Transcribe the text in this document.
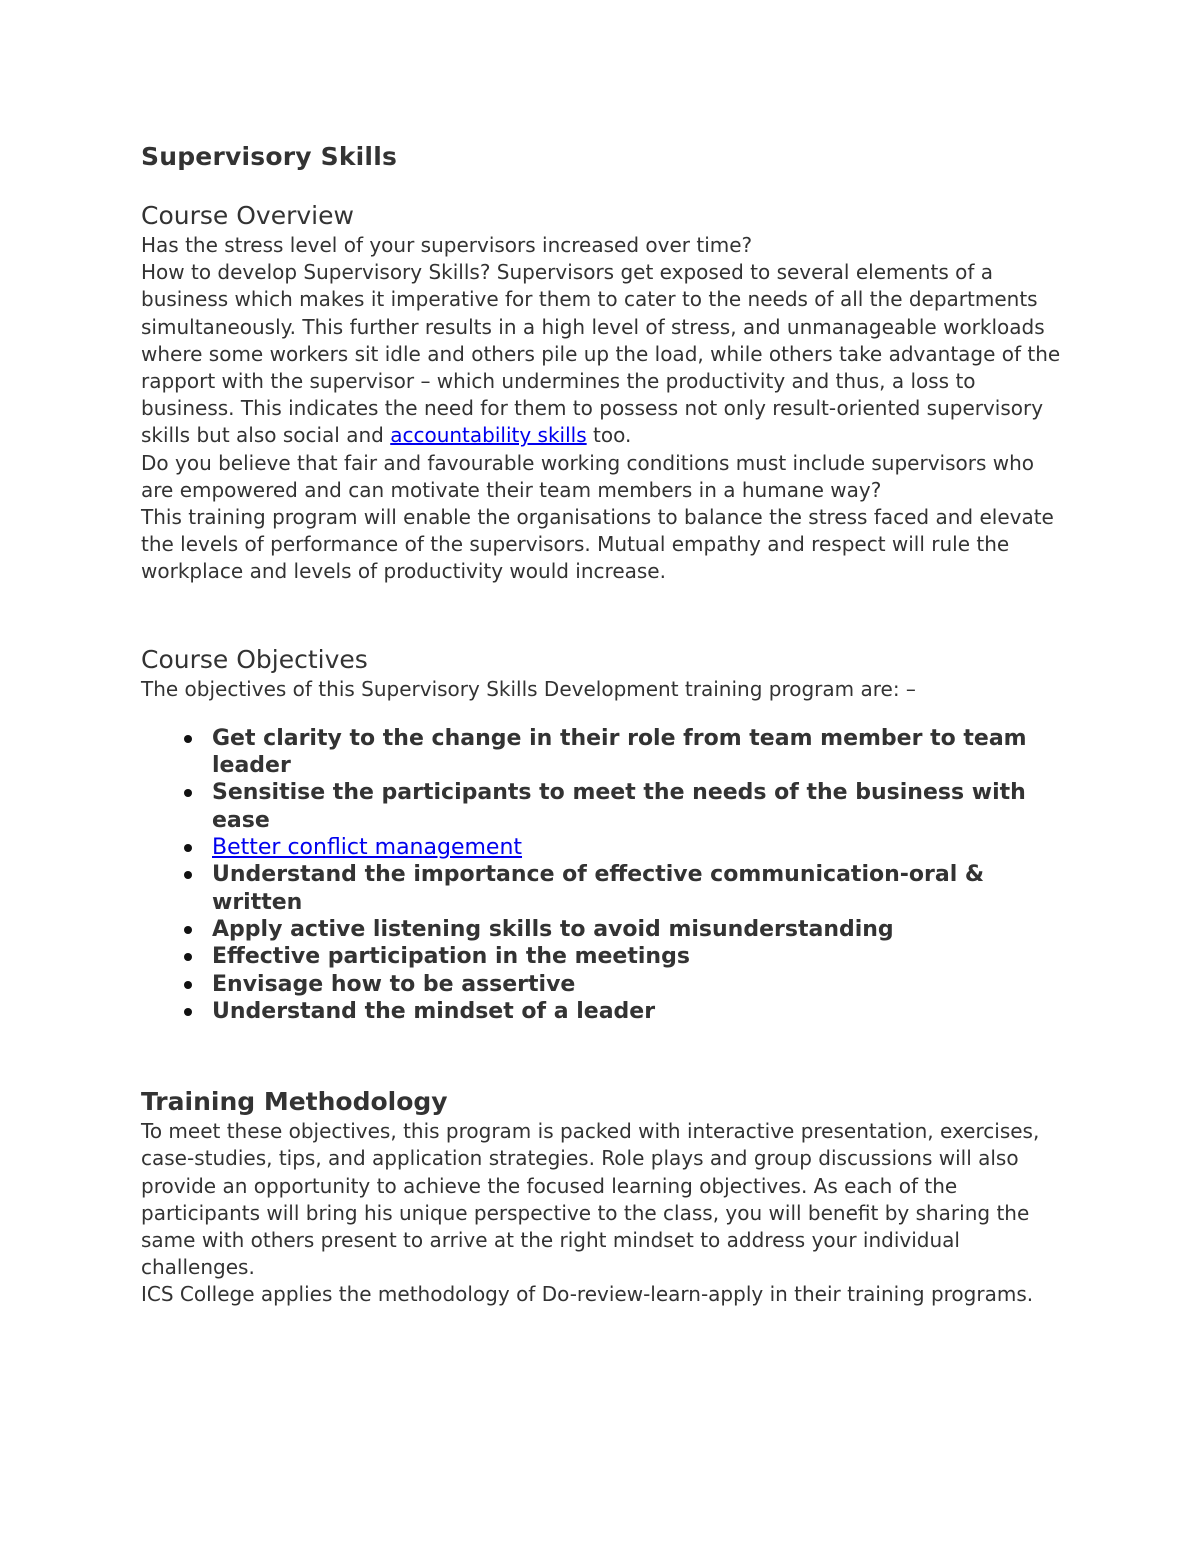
Supervisory Skills
Course Overview

Has the stress level of your supervisors increased over time?

How to develop Supervisory Skills? Supervisors get exposed to several elements of a business which makes it imperative for them to cater to the needs of all the departments simultaneously. This further results in a high level of stress, and unmanageable workloads where some workers sit idle and others pile up the load, while others take advantage of the rapport with the supervisor – which undermines the productivity and thus, a loss to business. This indicates the need for them to possess not only result-oriented supervisory skills but also social and accountability skills too.

Do you believe that fair and favourable working conditions must include supervisors who are empowered and can motivate their team members in a humane way?

This training program will enable the organisations to balance the stress faced and elevate the levels of performance of the supervisors. Mutual empathy and respect will rule the workplace and levels of productivity would increase.

Course Objectives

The objectives of this Supervisory Skills Development training program are: –

Get clarity to the change in their role from team member to team leader
Sensitise the participants to meet the needs of the business with ease
Better conflict management
Understand the importance of effective communication-oral & written
Apply active listening skills to avoid misunderstanding
Effective participation in the meetings
Envisage how to be assertive
Understand the mindset of a leader
Training Methodology

To meet these objectives, this program is packed with interactive presentation, exercises, case-studies, tips, and application strategies. Role plays and group discussions will also provide an opportunity to achieve the focused learning objectives. As each of the participants will bring his unique perspective to the class, you will benefit by sharing the same with others present to arrive at the right mindset to address your individual challenges.

ICS College applies the methodology of Do-review-learn-apply in their training programs.
